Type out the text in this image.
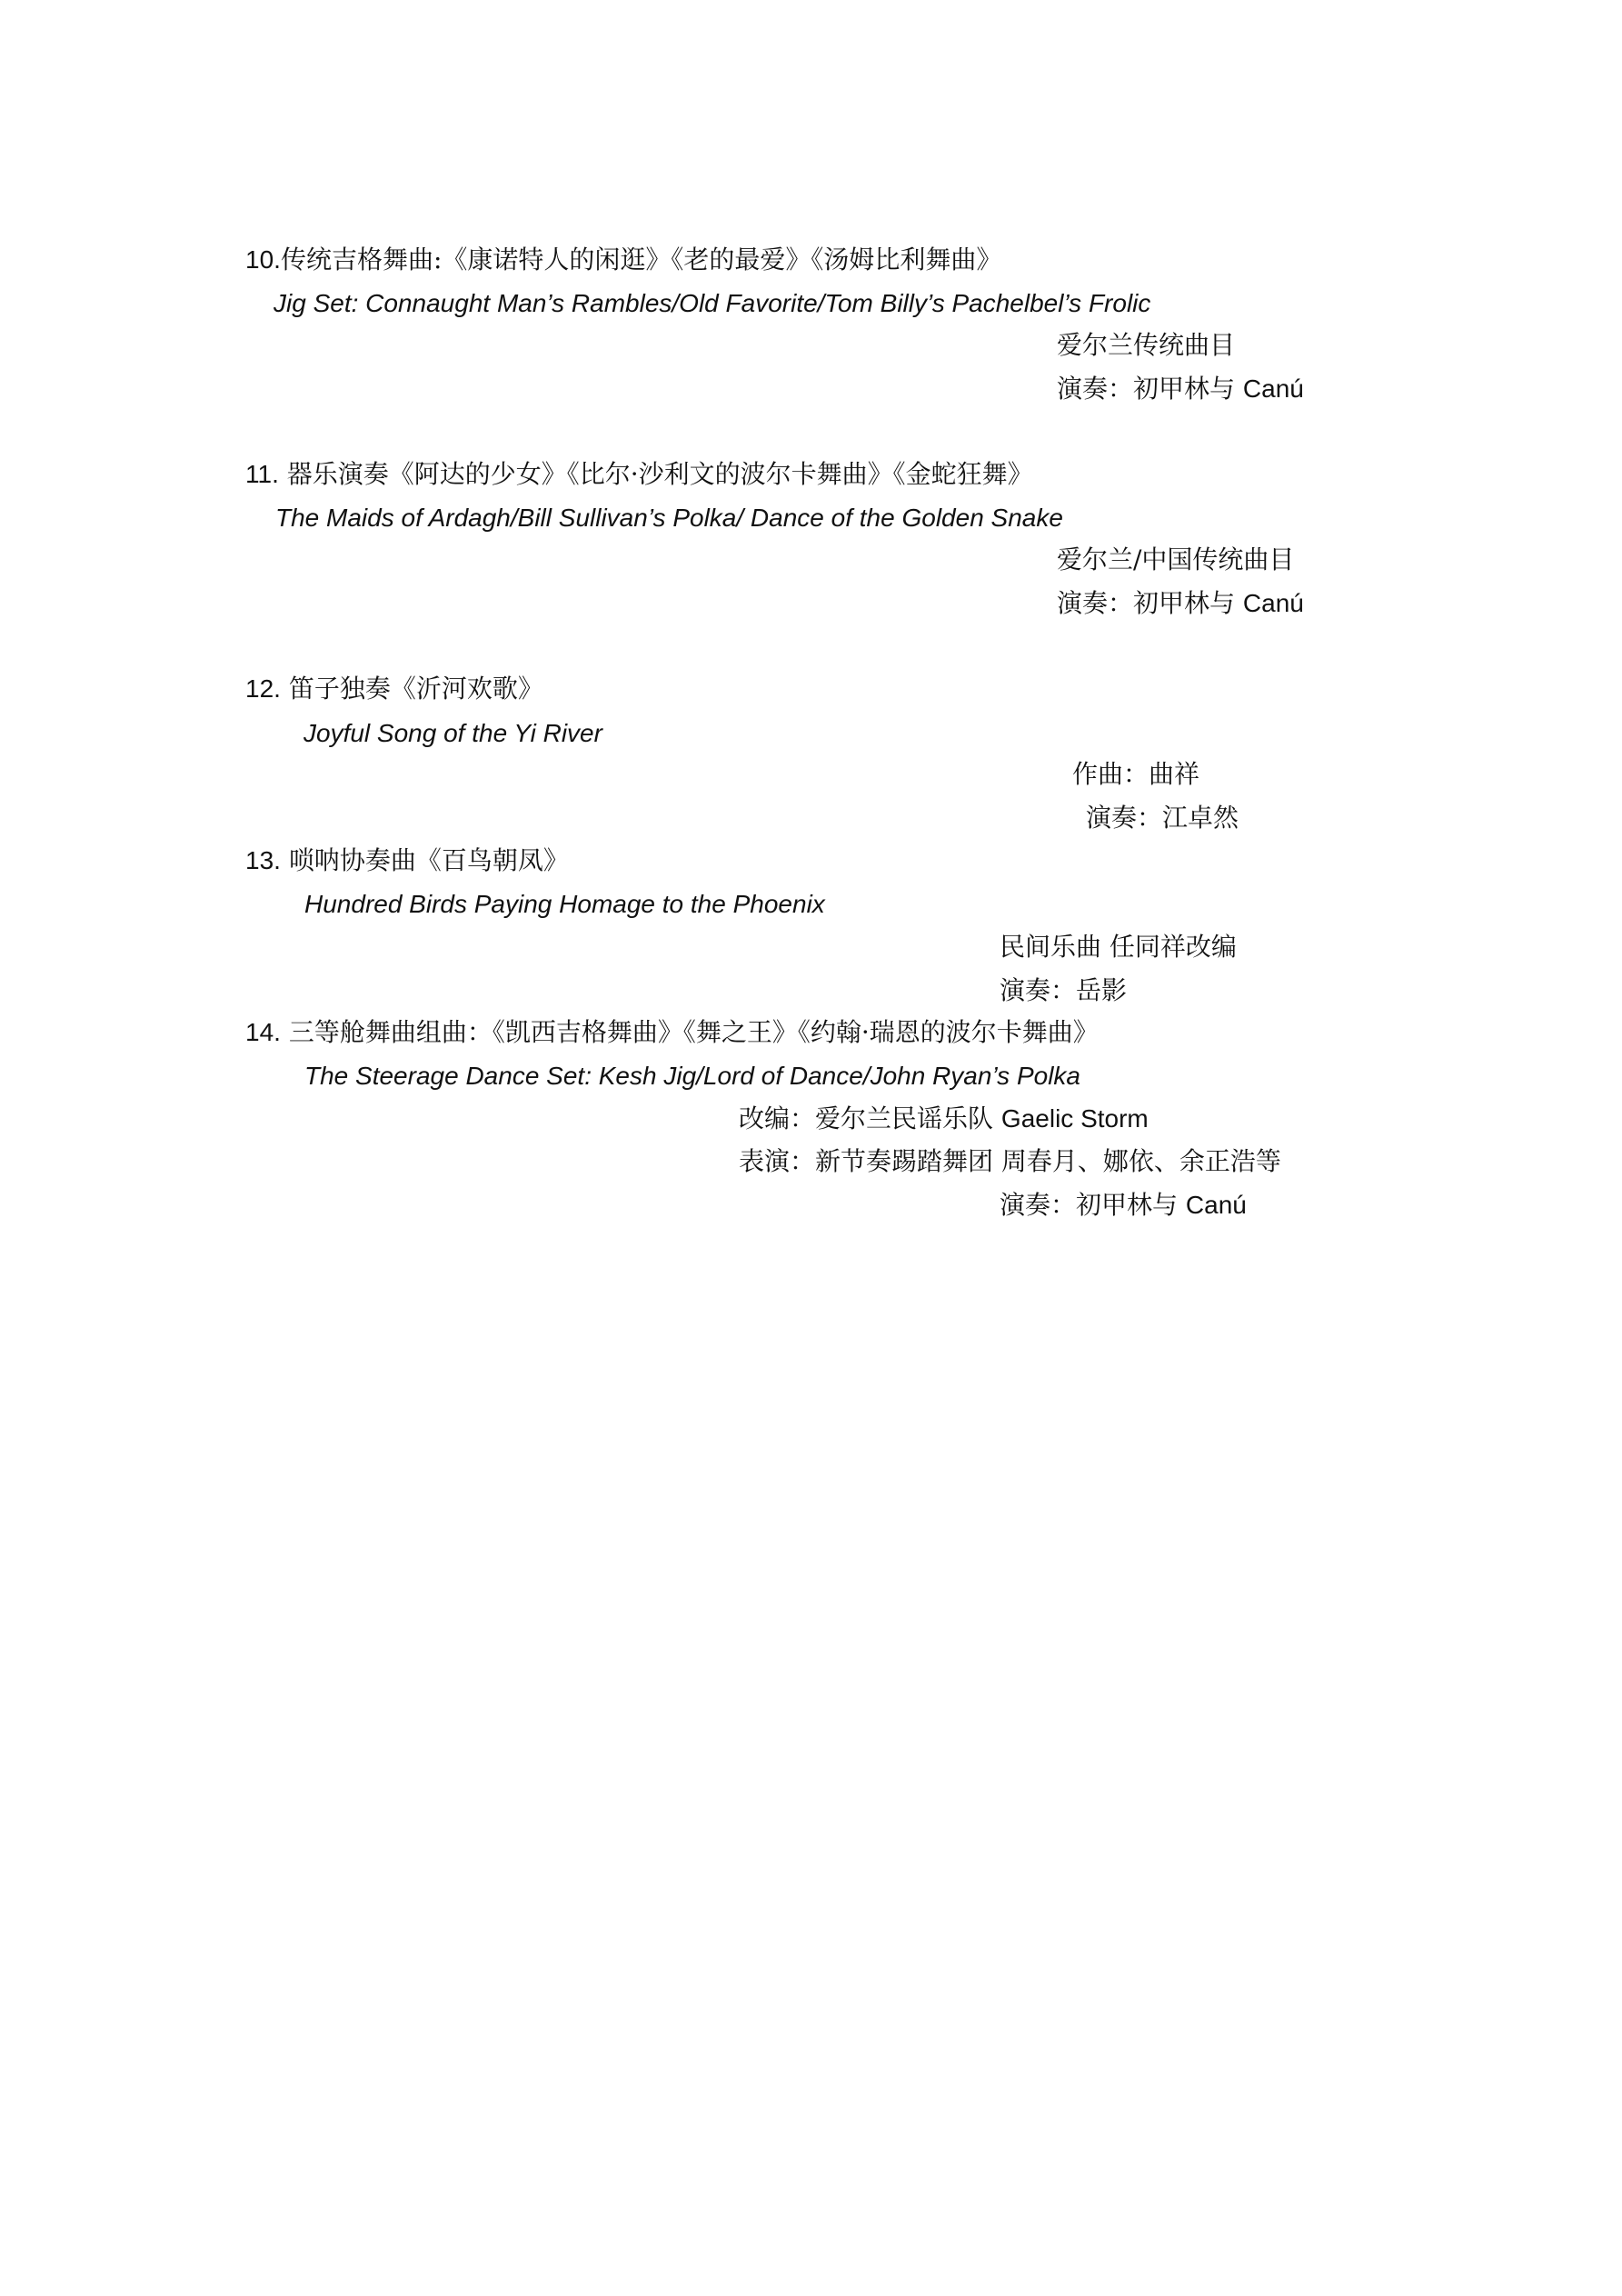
10.传统吉格舞曲:《康诺特人的闲逛》《老的最爱》《汤姆比利舞曲》
Jig Set: Connaught Man’s Rambles/Old Favorite/Tom Billy’s Pachelbel’s Frolic
爱尔兰传统曲目
演奏：初甲林与 Canú
11. 器乐演奏《阿达的少女》《比尔·沙利文的波尔卡舞曲》《金蛇狂舞》
The Maids of Ardagh/Bill Sullivan’s Polka/ Dance of the Golden Snake
爱尔兰/中国传统曲目
演奏：初甲林与 Canú
12. 笛子独奏《沂河欢歌》
Joyful Song of the Yi River
作曲：曲祥
演奏：江卓然
13. 唢呐协奏曲《百鸟朝凤》
Hundred Birds Paying Homage to the Phoenix
民间乐曲 任同祥改编
演奏：岳影
14. 三等舱舞曲组曲：《凯西吉格舞曲》《舞之王》《约翰·瑞恩的波尔卡舞曲》
The Steerage Dance Set: Kesh Jig/Lord of Dance/John Ryan’s Polka
改编：爱尔兰民谣乐队 Gaelic Storm
表演：新节奏踢踏舞团 周春月、娜依、余正浩等
演奏：初甲林与 Canú
